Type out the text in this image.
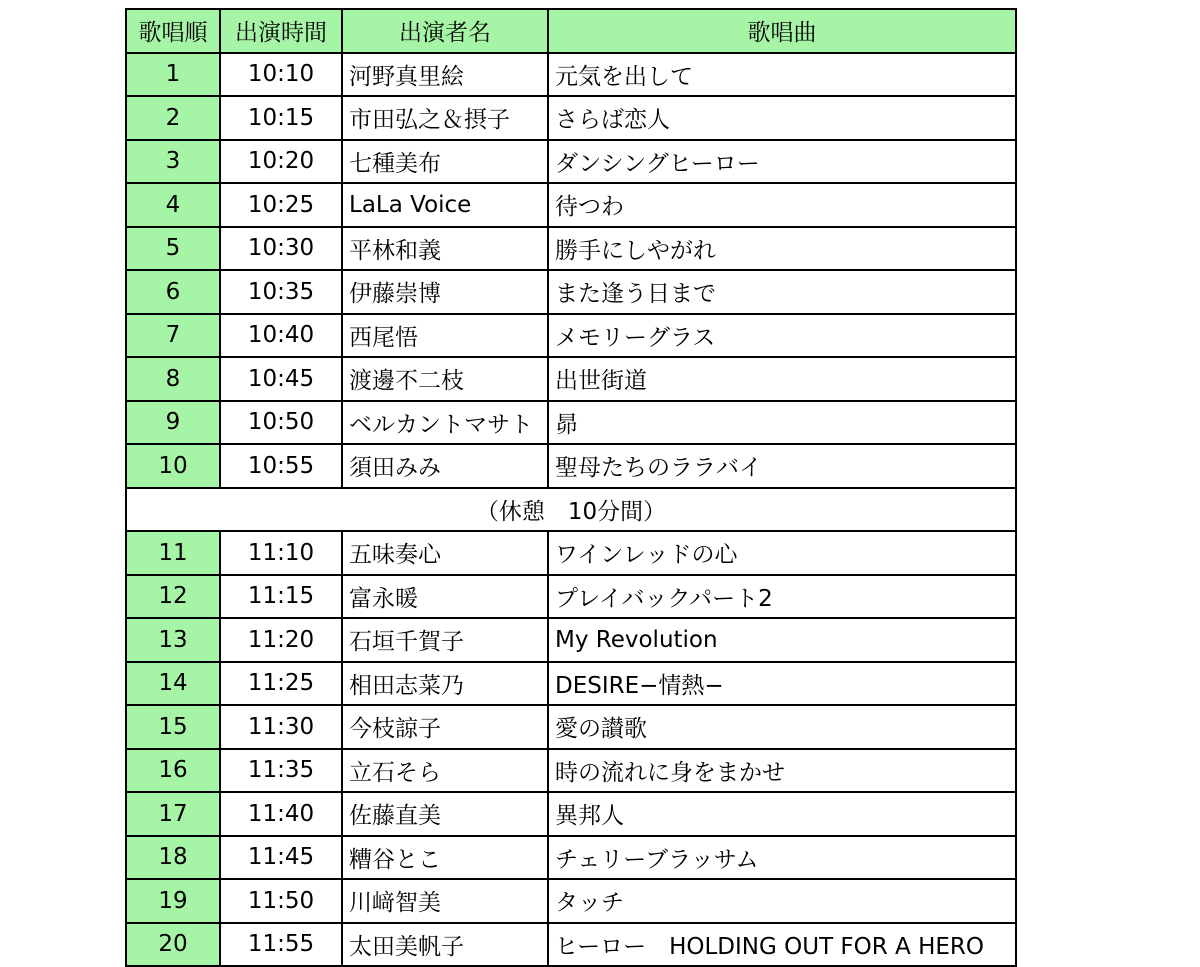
歌唱順	出演時間	出演者名	歌唱曲
1	10:10	河野真里絵	元気を出して
2	10:15	市田弘之＆摂子	さらば恋人
3	10:20	七種美布	ダンシングヒーロー
4	10:25	LaLa Voice	待つわ
5	10:30	平林和義	勝手にしやがれ
6	10:35	伊藤崇博	また逢う日まで
7	10:40	西尾悟	メモリーグラス
8	10:45	渡邊不二枝	出世街道
9	10:50	ベルカントマサト	昴
10	10:55	須田みみ	聖母たちのララバイ
（休憩　10分間）			
11	11:10	五味奏心	ワインレッドの心
12	11:15	富永暖	プレイバックパート2
13	11:20	石垣千賀子	My Revolution
14	11:25	相田志菜乃	DESIRE−情熱−
15	11:30	今枝諒子	愛の讃歌
16	11:35	立石そら	時の流れに身をまかせ
17	11:40	佐藤直美	異邦人
18	11:45	糟谷とこ	チェリーブラッサム
19	11:50	川﨑智美	タッチ
20	11:55	太田美帆子	ヒーロー　HOLDING OUT FOR A HERO
